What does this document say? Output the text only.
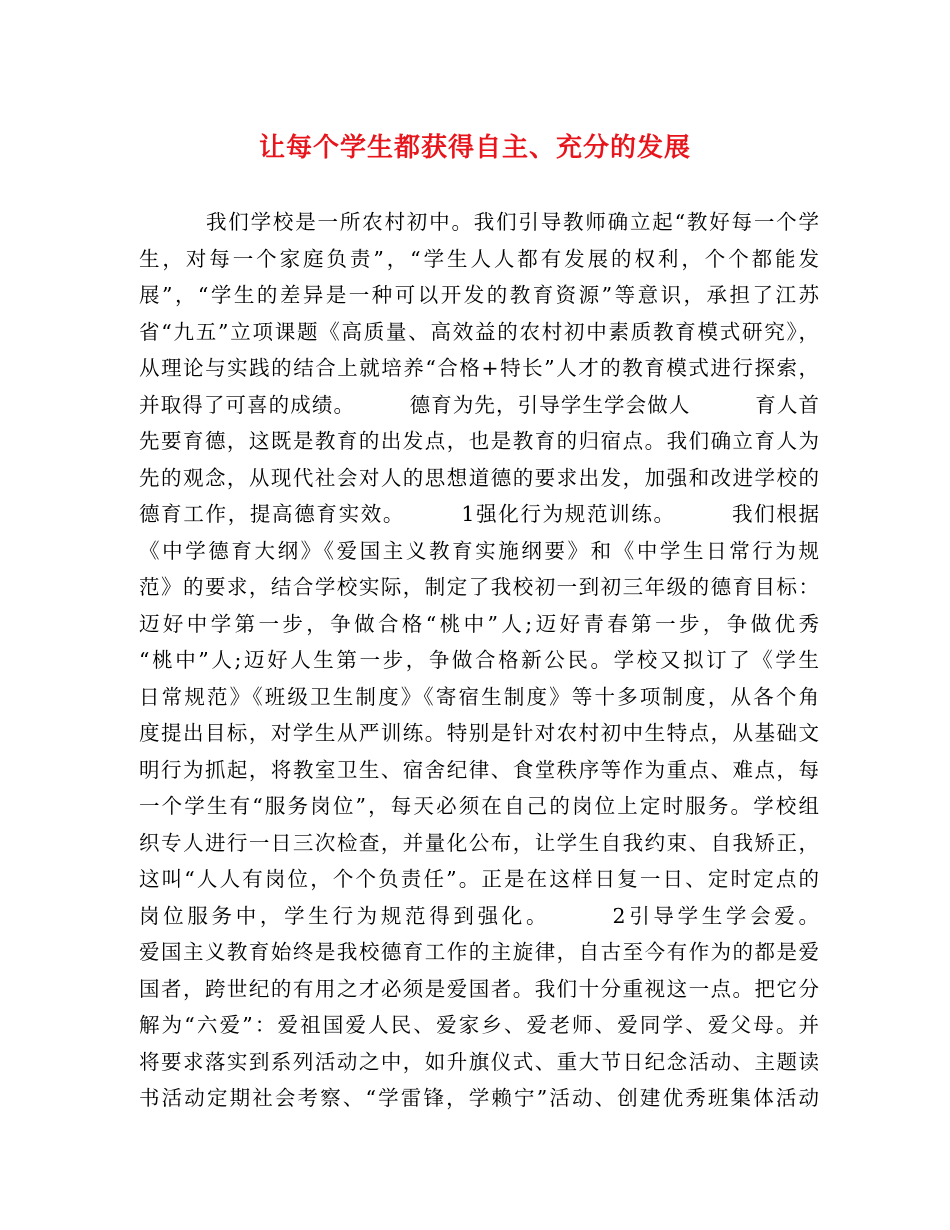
让每个学生都获得自主、充分的发展
　　　我们学校是一所农村初中。我们引导教师确立起“教好每一个学
生，对每一个家庭负责”，“学生人人都有发展的权利，个个都能发
展”，“学生的差异是一种可以开发的教育资源”等意识，承担了江苏
省“九五”立项课题《高质量、高效益的农村初中素质教育模式研究》，
从理论与实践的结合上就培养“合格+特长”人才的教育模式进行探索，
并取得了可喜的成绩。　　　德育为先，引导学生学会做人　　　育人首
先要育德，这既是教育的出发点，也是教育的归宿点。我们确立育人为
先的观念，从现代社会对人的思想道德的要求出发，加强和改进学校的
德育工作，提高德育实效。　　　1强化行为规范训练。　　　我们根据
《中学德育大纲》《爱国主义教育实施纲要》和《中学生日常行为规
范》的要求，结合学校实际，制定了我校初一到初三年级的德育目标：
迈好中学第一步，争做合格“桃中”人;迈好青春第一步，争做优秀
“桃中”人;迈好人生第一步，争做合格新公民。学校又拟订了《学生
日常规范》《班级卫生制度》《寄宿生制度》等十多项制度，从各个角
度提出目标，对学生从严训练。特别是针对农村初中生特点，从基础文
明行为抓起，将教室卫生、宿舍纪律、食堂秩序等作为重点、难点，每
一个学生有“服务岗位”，每天必须在自己的岗位上定时服务。学校组
织专人进行一日三次检查，并量化公布，让学生自我约束、自我矫正，
这叫“人人有岗位，个个负责任”。正是在这样日复一日、定时定点的
岗位服务中，学生行为规范得到强化。　　　2引导学生学会爱。
爱国主义教育始终是我校德育工作的主旋律，自古至今有作为的都是爱
国者，跨世纪的有用之才必须是爱国者。我们十分重视这一点。把它分
解为“六爱”：爱祖国爱人民、爱家乡、爱老师、爱同学、爱父母。并
将要求落实到系列活动之中，如升旗仪式、重大节日纪念活动、主题读
书活动定期社会考察、“学雷锋，学赖宁”活动、创建优秀班集体活动
